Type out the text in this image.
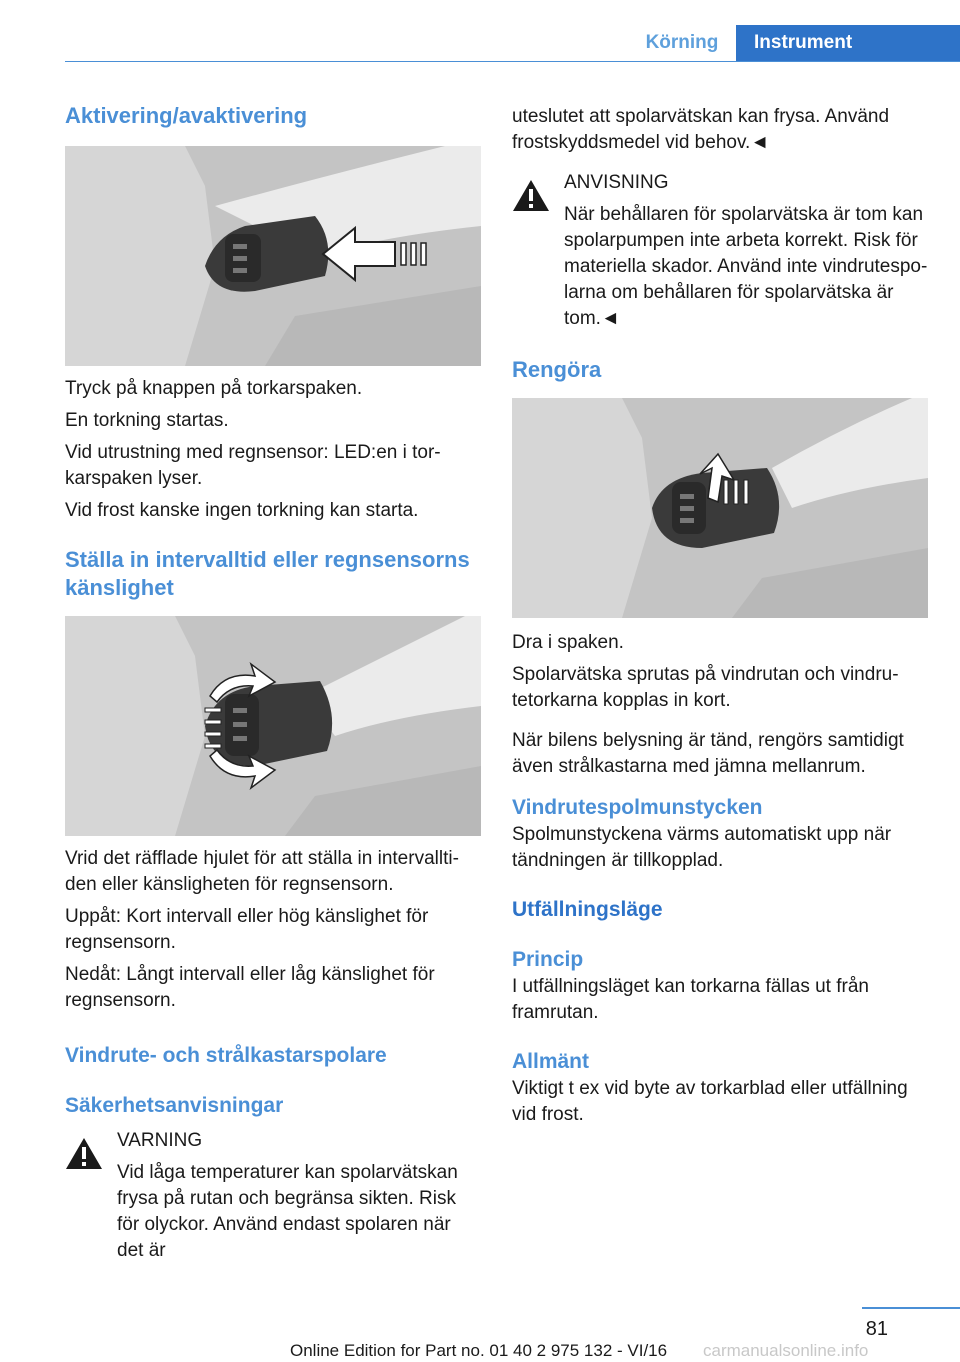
Körning	Instrument
Aktivering/avaktivering

Tryck på knappen på torkarspaken.

En torkning startas.

Vid utrustning med regnsensor: LED:en i tor-karspaken lyser.

Vid frost kanske ingen torkning kan starta.

Ställa in intervalltid eller regnsensorns känslighet

Vrid det räfflade hjulet för att ställa in intervallti-den eller känsligheten för regnsensorn.

Uppåt: Kort intervall eller hög känslighet för regnsensorn.

Nedåt: Långt intervall eller låg känslighet för regnsensorn.

Vindrute- och strålkastarspolare
Säkerhetsanvisningar

VARNING

Vid låga temperaturer kan spolarvätskan frysa på rutan och begränsa sikten. Risk för olyckor. Använd endast spolaren när det är

uteslutet att spolarvätskan kan frysa. Använd frostskyddsmedel vid behov.◄

ANVISNING

När behållaren för spolarvätska är tom kan spolarpumpen inte arbeta korrekt. Risk för materiella skador. Använd inte vindrutespo-larna om behållaren för spolarvätska är tom.◄

Rengöra

Dra i spaken.

Spolarvätska sprutas på vindrutan och vindru-tetorkarna kopplas in kort.

När bilens belysning är tänd, rengörs samtidigt även strålkastarna med jämna mellanrum.

Vindrutespolmunstycken

Spolmunstyckena värms automatiskt upp när tändningen är tillkopplad.

Utfällningsläge
Princip

I utfällningsläget kan torkarna fällas ut från framrutan.

Allmänt

Viktigt t ex vid byte av torkarblad eller utfällning vid frost.

81
Online Edition for Part no. 01 40 2 975 132 - VI/16 carmanualsonline.info
